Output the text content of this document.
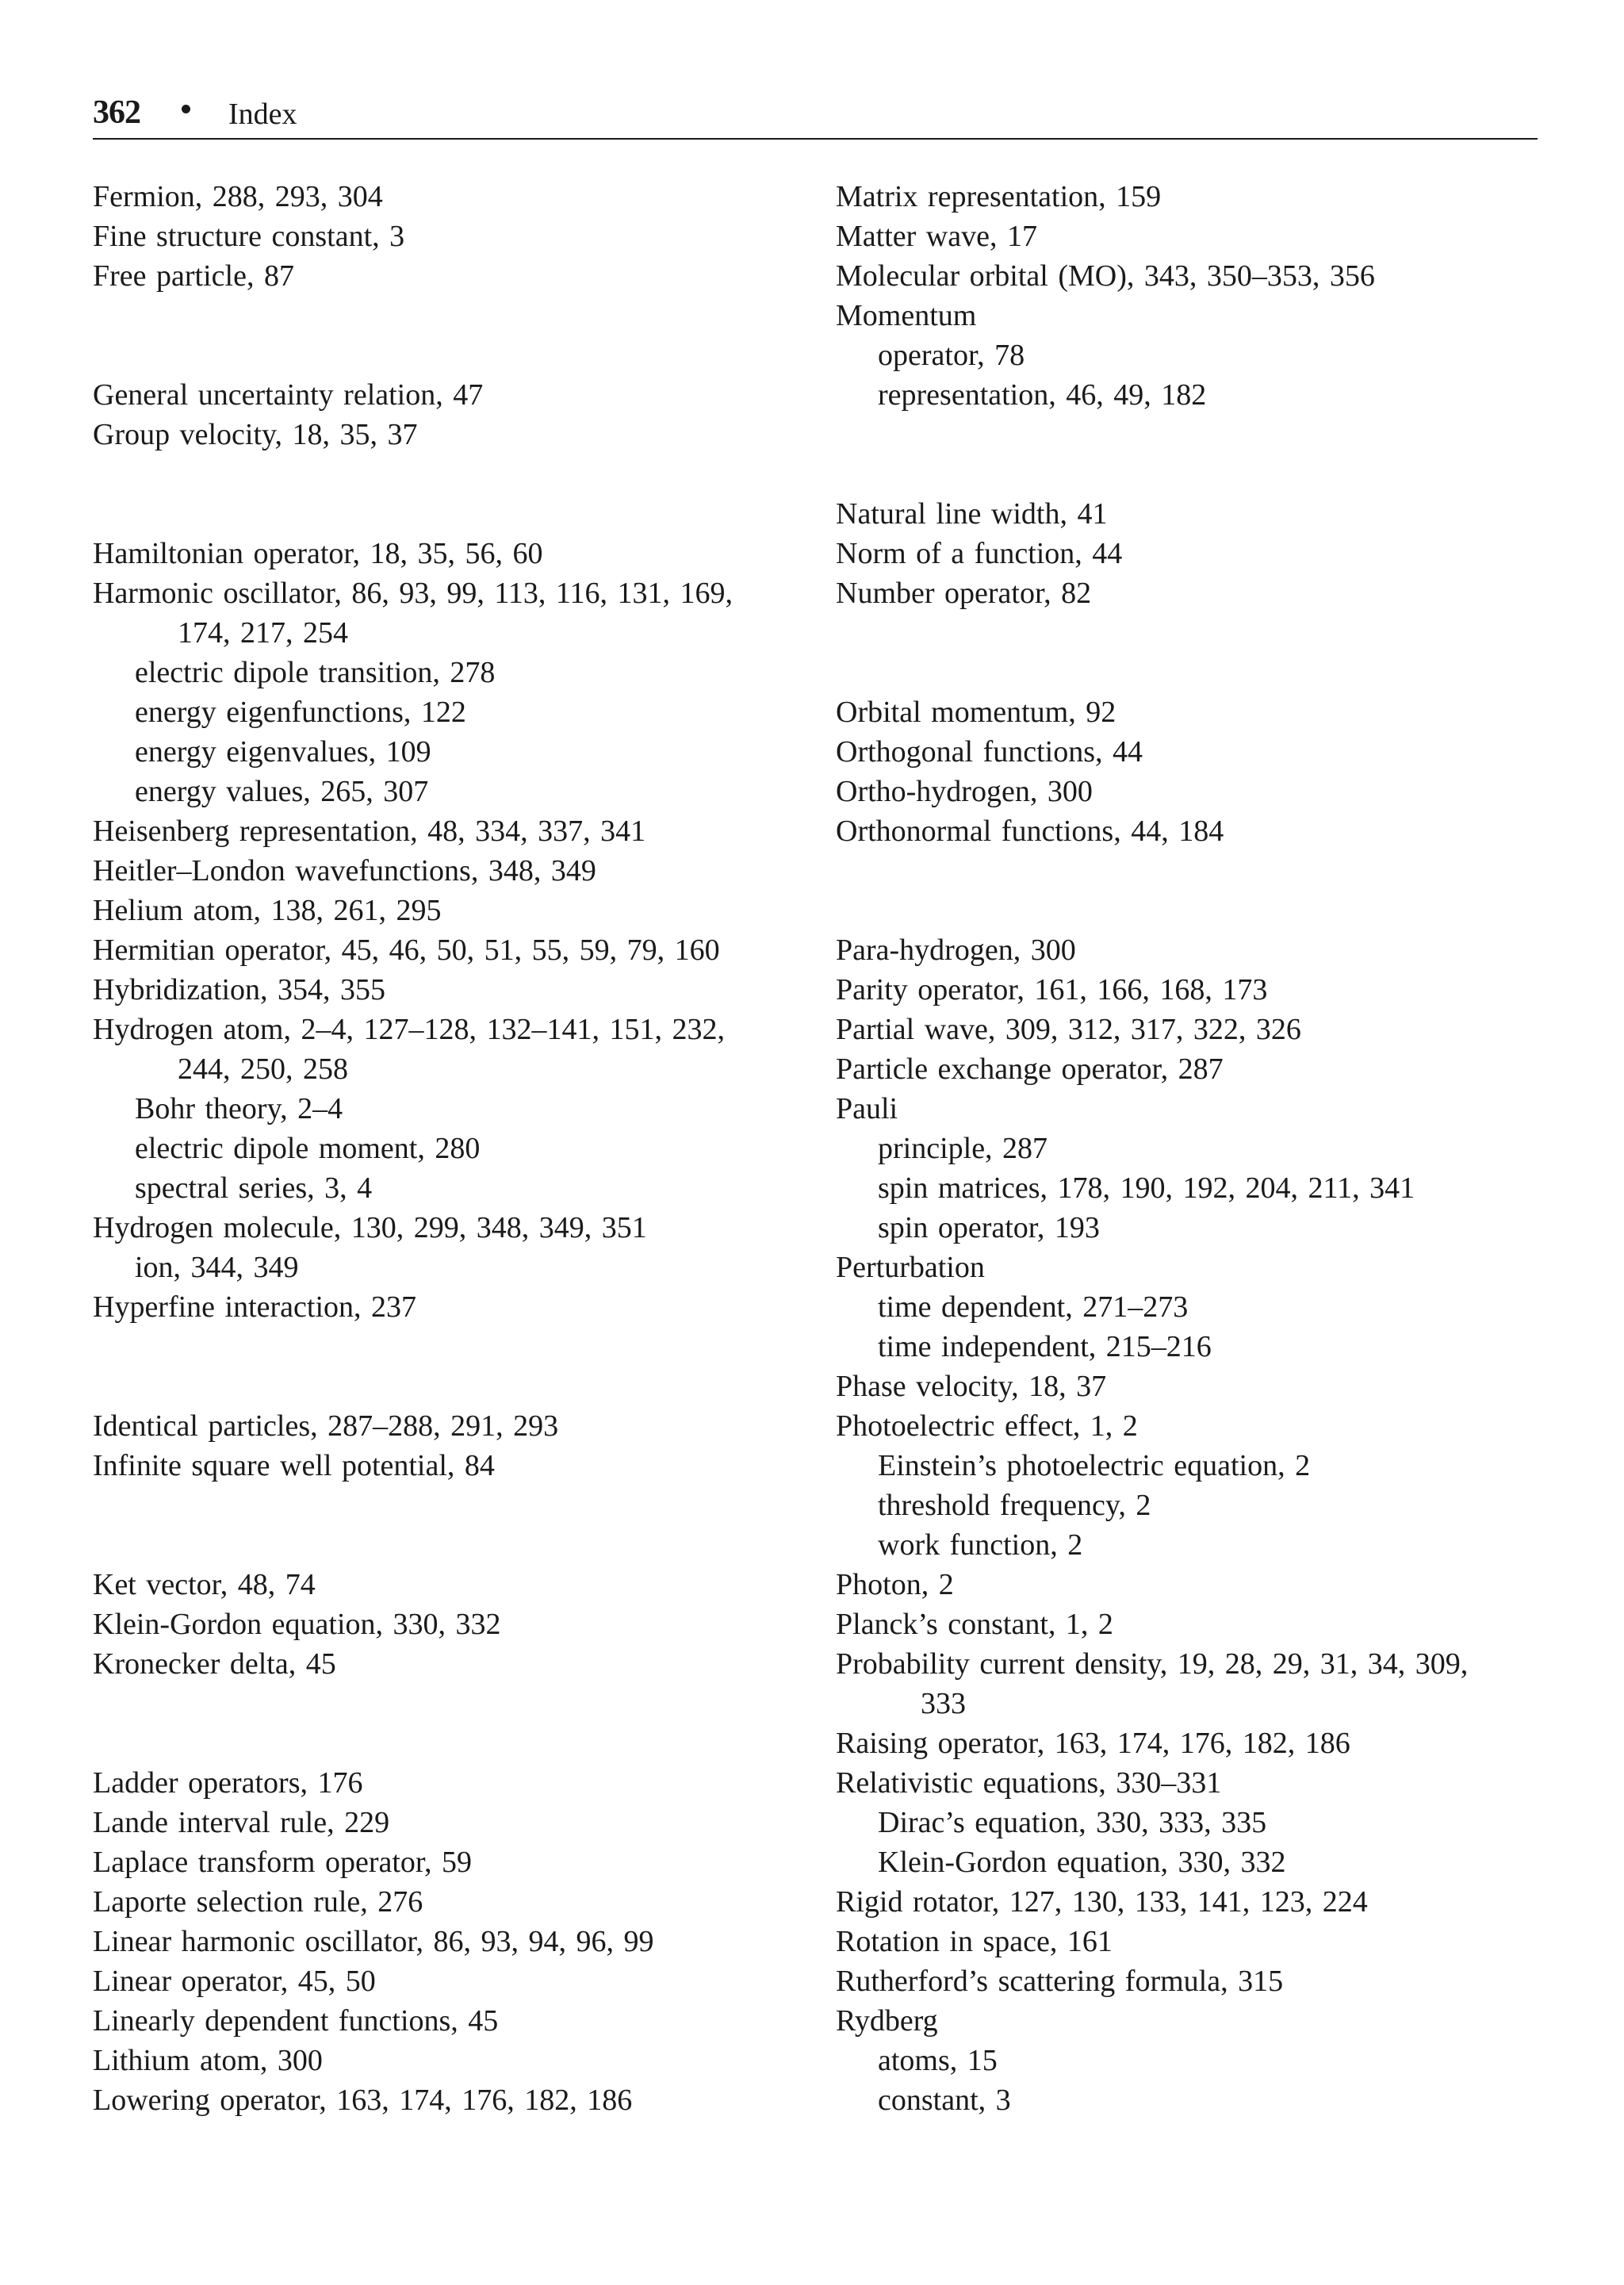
362	Index
Fermion, 288, 293, 304
Fine structure constant, 3
Free particle, 87
General uncertainty relation, 47
Group velocity, 18, 35, 37
Hamiltonian operator, 18, 35, 56, 60
Harmonic oscillator, 86, 93, 99, 113, 116, 131, 169,
174, 217, 254
electric dipole transition, 278
energy eigenfunctions, 122
energy eigenvalues, 109
energy values, 265, 307
Heisenberg representation, 48, 334, 337, 341
Heitler–London wavefunctions, 348, 349
Helium atom, 138, 261, 295
Hermitian operator, 45, 46, 50, 51, 55, 59, 79, 160
Hybridization, 354, 355
Hydrogen atom, 2–4, 127–128, 132–141, 151, 232,
244, 250, 258
Bohr theory, 2–4
electric dipole moment, 280
spectral series, 3, 4
Hydrogen molecule, 130, 299, 348, 349, 351
ion, 344, 349
Hyperfine interaction, 237
Identical particles, 287–288, 291, 293
Infinite square well potential, 84
Ket vector, 48, 74
Klein-Gordon equation, 330, 332
Kronecker delta, 45
Ladder operators, 176
Lande interval rule, 229
Laplace transform operator, 59
Laporte selection rule, 276
Linear harmonic oscillator, 86, 93, 94, 96, 99
Linear operator, 45, 50
Linearly dependent functions, 45
Lithium atom, 300
Lowering operator, 163, 174, 176, 182, 186
Matrix representation, 159
Matter wave, 17
Molecular orbital (MO), 343, 350–353, 356
Momentum
operator, 78
representation, 46, 49, 182
Natural line width, 41
Norm of a function, 44
Number operator, 82
Orbital momentum, 92
Orthogonal functions, 44
Ortho-hydrogen, 300
Orthonormal functions, 44, 184
Para-hydrogen, 300
Parity operator, 161, 166, 168, 173
Partial wave, 309, 312, 317, 322, 326
Particle exchange operator, 287
Pauli
principle, 287
spin matrices, 178, 190, 192, 204, 211, 341
spin operator, 193
Perturbation
time dependent, 271–273
time independent, 215–216
Phase velocity, 18, 37
Photoelectric effect, 1, 2
Einstein’s photoelectric equation, 2
threshold frequency, 2
work function, 2
Photon, 2
Planck’s constant, 1, 2
Probability current density, 19, 28, 29, 31, 34, 309,
333
Raising operator, 163, 174, 176, 182, 186
Relativistic equations, 330–331
Dirac’s equation, 330, 333, 335
Klein-Gordon equation, 330, 332
Rigid rotator, 127, 130, 133, 141, 123, 224
Rotation in space, 161
Rutherford’s scattering formula, 315
Rydberg
atoms, 15
constant, 3
